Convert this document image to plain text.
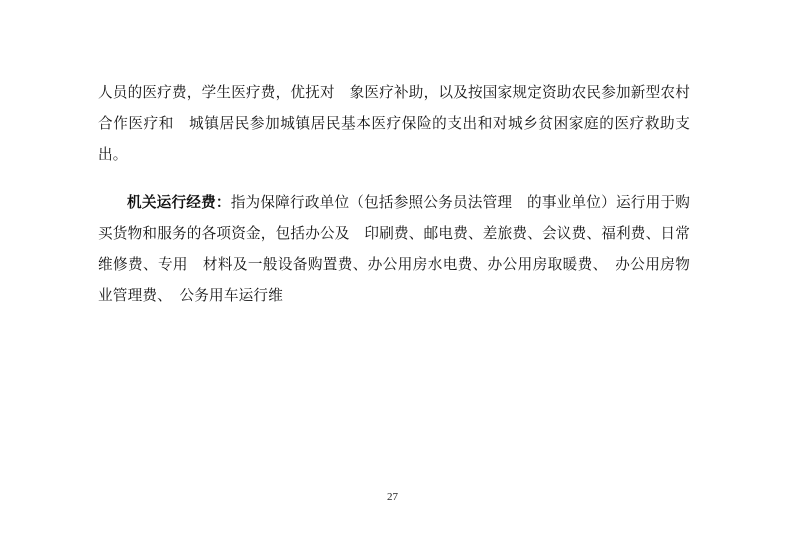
人员的医疗费，学生医疗费，优抚对　象医疗补助，以及按国家规定资助农民参加新型农村合作医疗和　城镇居民参加城镇居民基本医疗保险的支出和对城乡贫困家庭的医疗救助支出。

机关运行经费：指为保障行政单位（包括参照公务员法管理　的事业单位）运行用于购买货物和服务的各项资金，包括办公及　印刷费、邮电费、差旅费、会议费、福利费、日常维修费、专用　材料及一般设备购置费、办公用房水电费、办公用房取暖费、　办公用房物业管理费、　公务用车运行维

27
